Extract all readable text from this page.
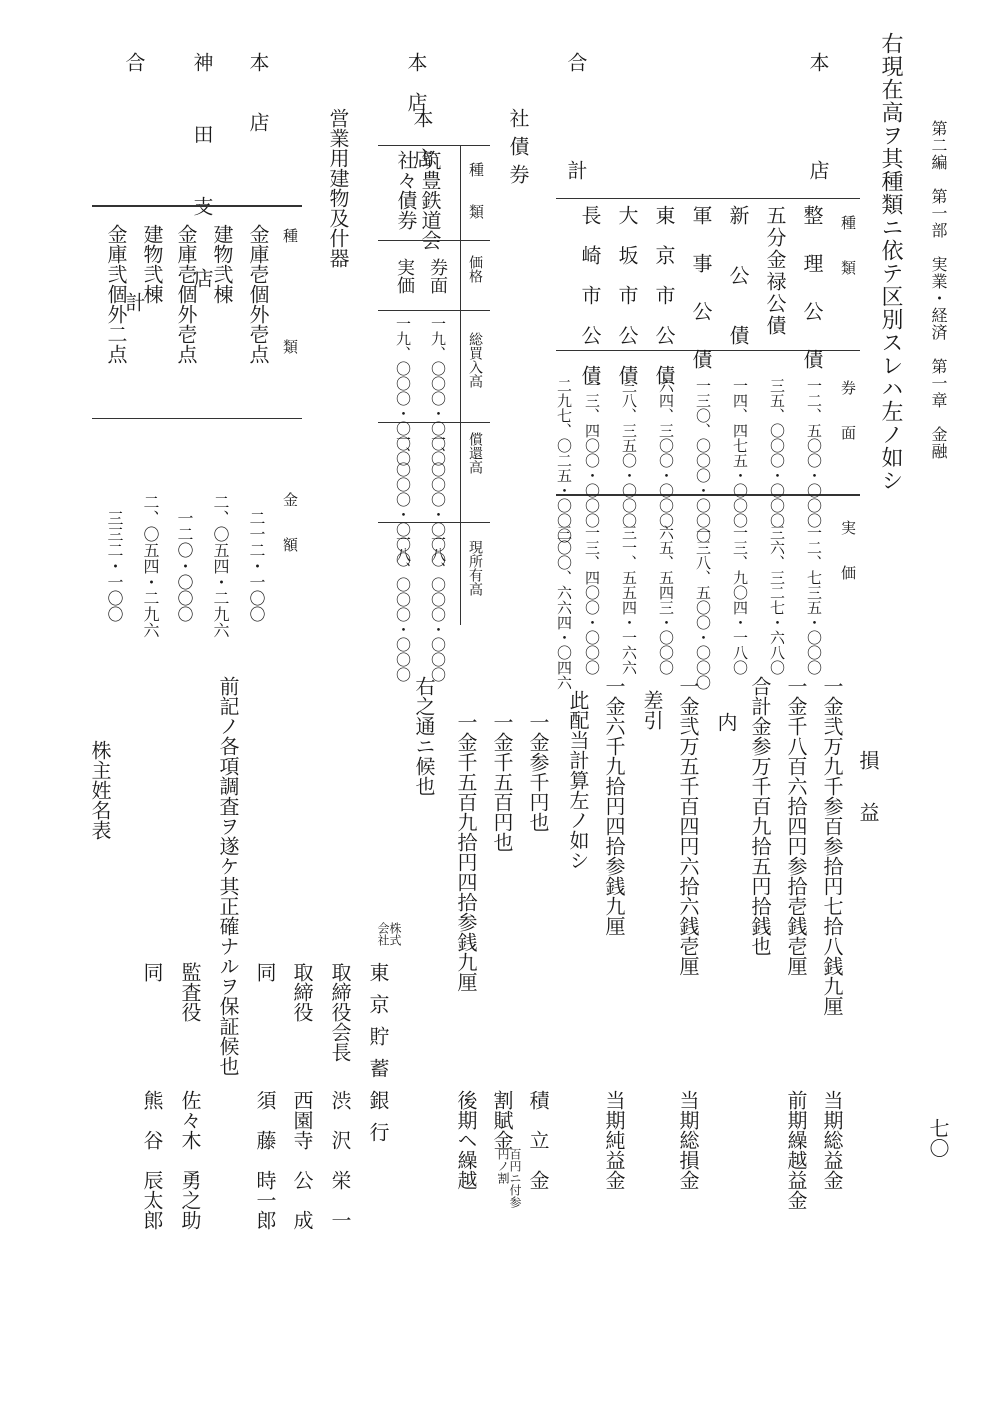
第二編　第一部　実業・経済　第一章　金融
七〇
右現在高ヲ其種類ニ依テ区別スレハ左ノ如シ
本　　店
合　　計
種　　類
券　　面
実　　価
整　理　公　債
一二、五〇〇・〇〇〇
一二、七三五・〇〇〇
五分金禄公債
三五、〇〇〇・〇〇〇
三六、三二七・六八〇
新　　公　　債
一四、四七五・〇〇〇
一三、九〇四・一八〇
軍　事　公　債
一三〇、〇〇〇・〇〇〇
一三八、五〇〇・〇〇〇
東　京　市　公　債
六四、三〇〇・〇〇〇
六五、五四三・〇〇〇
大　坂　市　公　債
三八、三五〇・〇〇〇
三一、五五四・一六六
長　崎　市　公　債
一三、四〇〇・〇〇〇
一三、四〇〇・〇〇〇
二九七、〇二五・〇〇〇
三〇〇、六六四・〇四六
社債券
本　店
種　類
本　店
筑豊鉄道会
社々債券
価格
券面
実価
総買入高
一九、〇〇〇・〇〇〇
一九、〇〇〇・〇〇〇	償還高
一、〇〇〇・〇〇〇
一、〇〇〇・〇〇〇
現所有高
一八、〇〇〇・〇〇〇
一八、〇〇〇・〇〇〇
営業用建物及什器
本　　店
神　田　支　店
合　　計	種　　類
金　　額
金庫壱個外壱点
二一二・一〇〇
建物弐棟
二、〇五四・二九六
金庫壱個外壱点
一二〇・〇〇〇
建物弐棟
二、〇五四・二九六
金庫弐個外二点
三三二・一〇〇
損　益
一金弐万九千参百参拾円七拾八銭九厘
当期総益金
一金千八百六拾四円参拾壱銭壱厘
前期繰越益金
合計金参万千百九拾五円拾銭也
内
一金弐万五千百四円六拾六銭壱厘
当期総損金
差引
一金六千九拾円四拾参銭九厘
当期純益金
此配当計算左ノ如シ
一金参千円也
積　立　金
一金千五百円也
割賦金
百円ニ付参円ノ割
一金千五百九拾円四拾参銭九厘
後期ヘ繰越
右之通ニ候也
株式会社
東京貯蓄銀行
取締役会長
渋　沢　栄　一
取締役
西園寺　公　成
同
須　藤　時一郎
前記ノ各項調査ヲ遂ケ其正確ナルヲ保証候也
監査役
佐々木　勇之助
同
熊　谷　辰太郎
株主姓名表
